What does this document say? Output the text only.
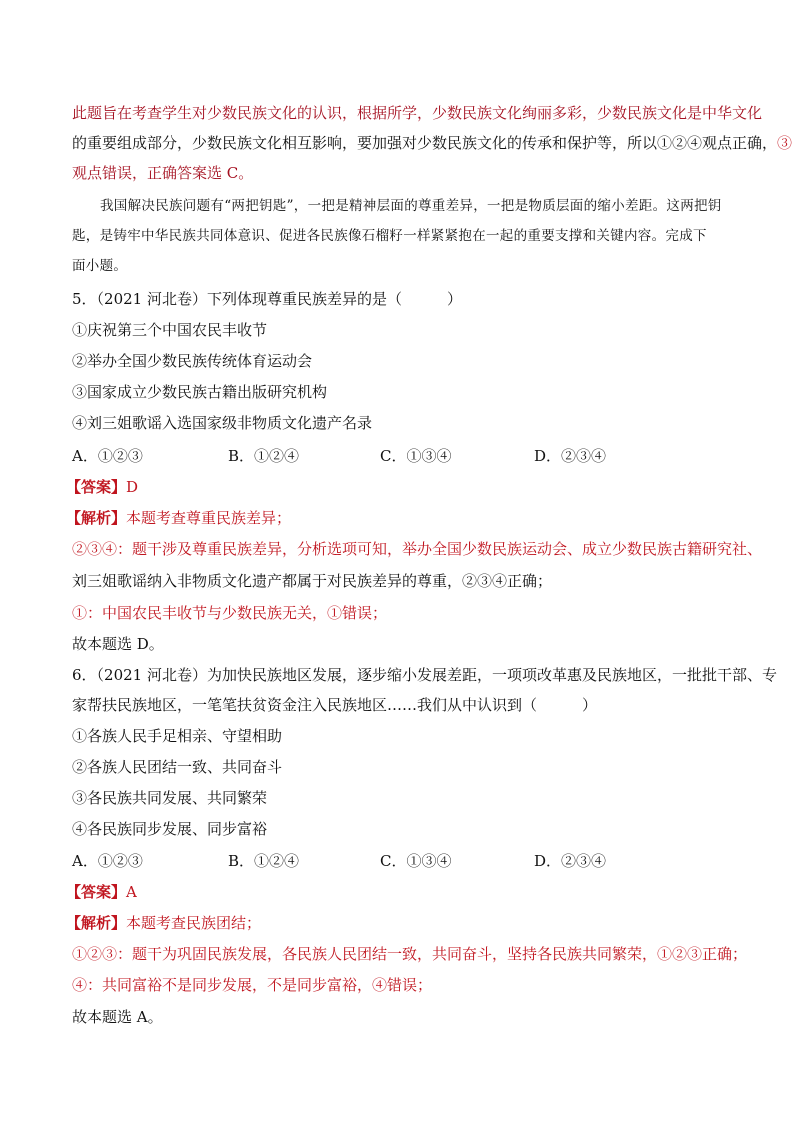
此题旨在考查学生对少数民族文化的认识，根据所学，少数民族文化绚丽多彩，少数民族文化是中华文化
的重要组成部分，少数民族文化相互影响，要加强对少数民族文化的传承和保护等，所以①②④观点正确，③
观点错误，正确答案选 C。
我国解决民族问题有“两把钥匙”，一把是精神层面的尊重差异，一把是物质层面的缩小差距。这两把钥
匙，是铸牢中华民族共同体意识、促进各民族像石榴籽一样紧紧抱在一起的重要支撑和关键内容。完成下
面小题。
5．（2021 河北卷）下列体现尊重民族差异的是（　　　）
①庆祝第三个中国农民丰收节
②举办全国少数民族传统体育运动会
③国家成立少数民族古籍出版研究机构
④刘三姐歌谣入选国家级非物质文化遗产名录
A．①②③	B．①②④	C．①③④	D．②③④
【答案】D
【解析】本题考查尊重民族差异；
②③④：题干涉及尊重民族差异，分析选项可知，举办全国少数民族运动会、成立少数民族古籍研究社、
刘三姐歌谣纳入非物质文化遗产都属于对民族差异的尊重，②③④正确；
①：中国农民丰收节与少数民族无关，①错误；
故本题选 D。
6．（2021 河北卷）为加快民族地区发展，逐步缩小发展差距，一项项改革惠及民族地区，一批批干部、专
家帮扶民族地区，一笔笔扶贫资金注入民族地区……我们从中认识到（　　　）
①各族人民手足相亲、守望相助
②各族人民团结一致、共同奋斗
③各民族共同发展、共同繁荣
④各民族同步发展、同步富裕
A．①②③	B．①②④	C．①③④	D．②③④
【答案】A
【解析】本题考查民族团结；
①②③：题干为巩固民族发展，各民族人民团结一致，共同奋斗，坚持各民族共同繁荣，①②③正确；
④：共同富裕不是同步发展，不是同步富裕，④错误；
故本题选 A。
